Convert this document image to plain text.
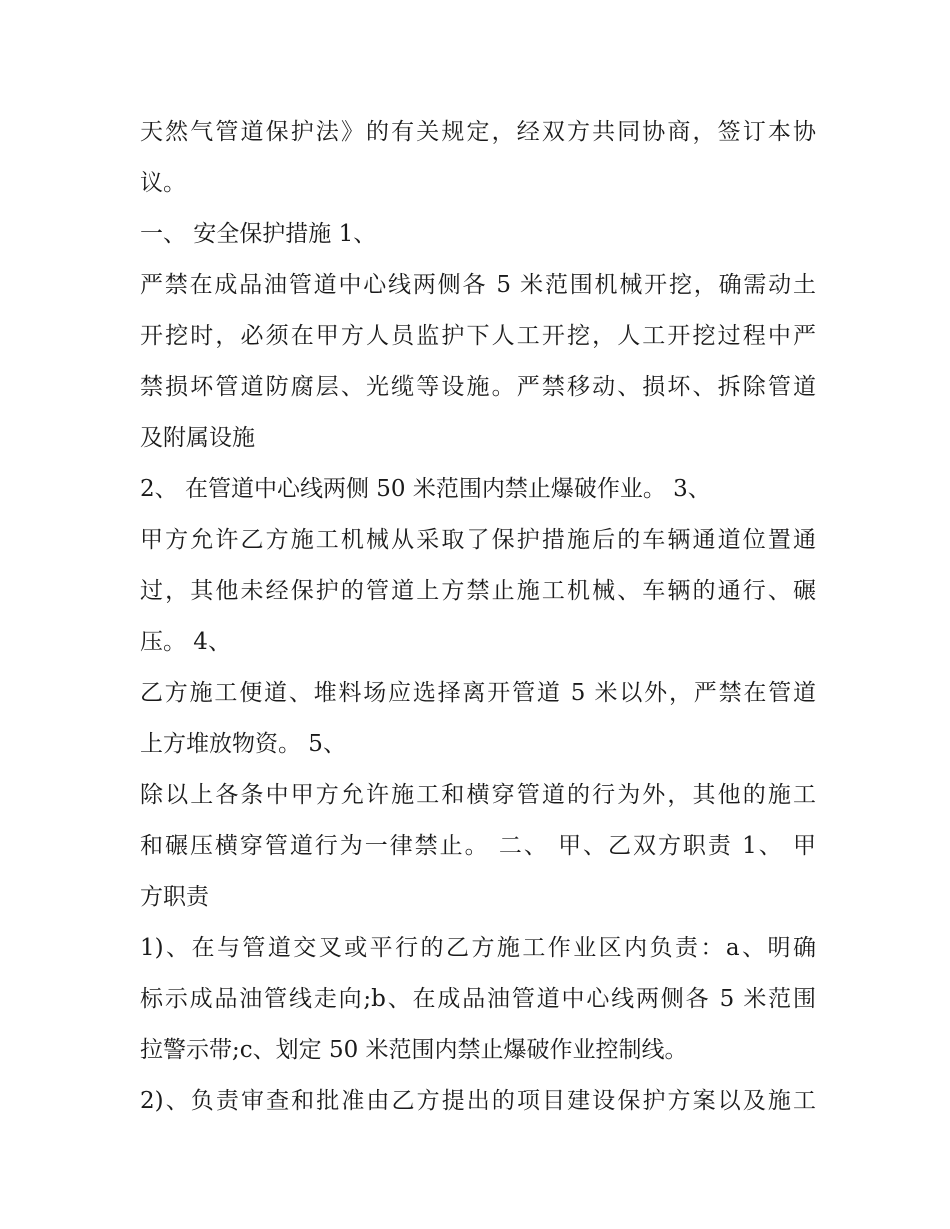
天然气管道保护法》的有关规定，经双方共同协商，签订本协
议。
一、 安全保护措施 1、
严禁在成品油管道中心线两侧各 5 米范围机械开挖，确需动土
开挖时，必须在甲方人员监护下人工开挖，人工开挖过程中严
禁损坏管道防腐层、光缆等设施。严禁移动、损坏、拆除管道
及附属设施
2、 在管道中心线两侧 50 米范围内禁止爆破作业。 3、
甲方允许乙方施工机械从采取了保护措施后的车辆通道位置通
过，其他未经保护的管道上方禁止施工机械、车辆的通行、碾
压。 4、
乙方施工便道、堆料场应选择离开管道 5 米以外，严禁在管道
上方堆放物资。 5、
除以上各条中甲方允许施工和横穿管道的行为外，其他的施工
和碾压横穿管道行为一律禁止。 二、 甲、乙双方职责 1、 甲
方职责
1)、在与管道交叉或平行的乙方施工作业区内负责：a、明确
标示成品油管线走向;b、在成品油管道中心线两侧各 5 米范围
拉警示带;c、划定 50 米范围内禁止爆破作业控制线。
2)、负责审查和批准由乙方提出的项目建设保护方案以及施工
